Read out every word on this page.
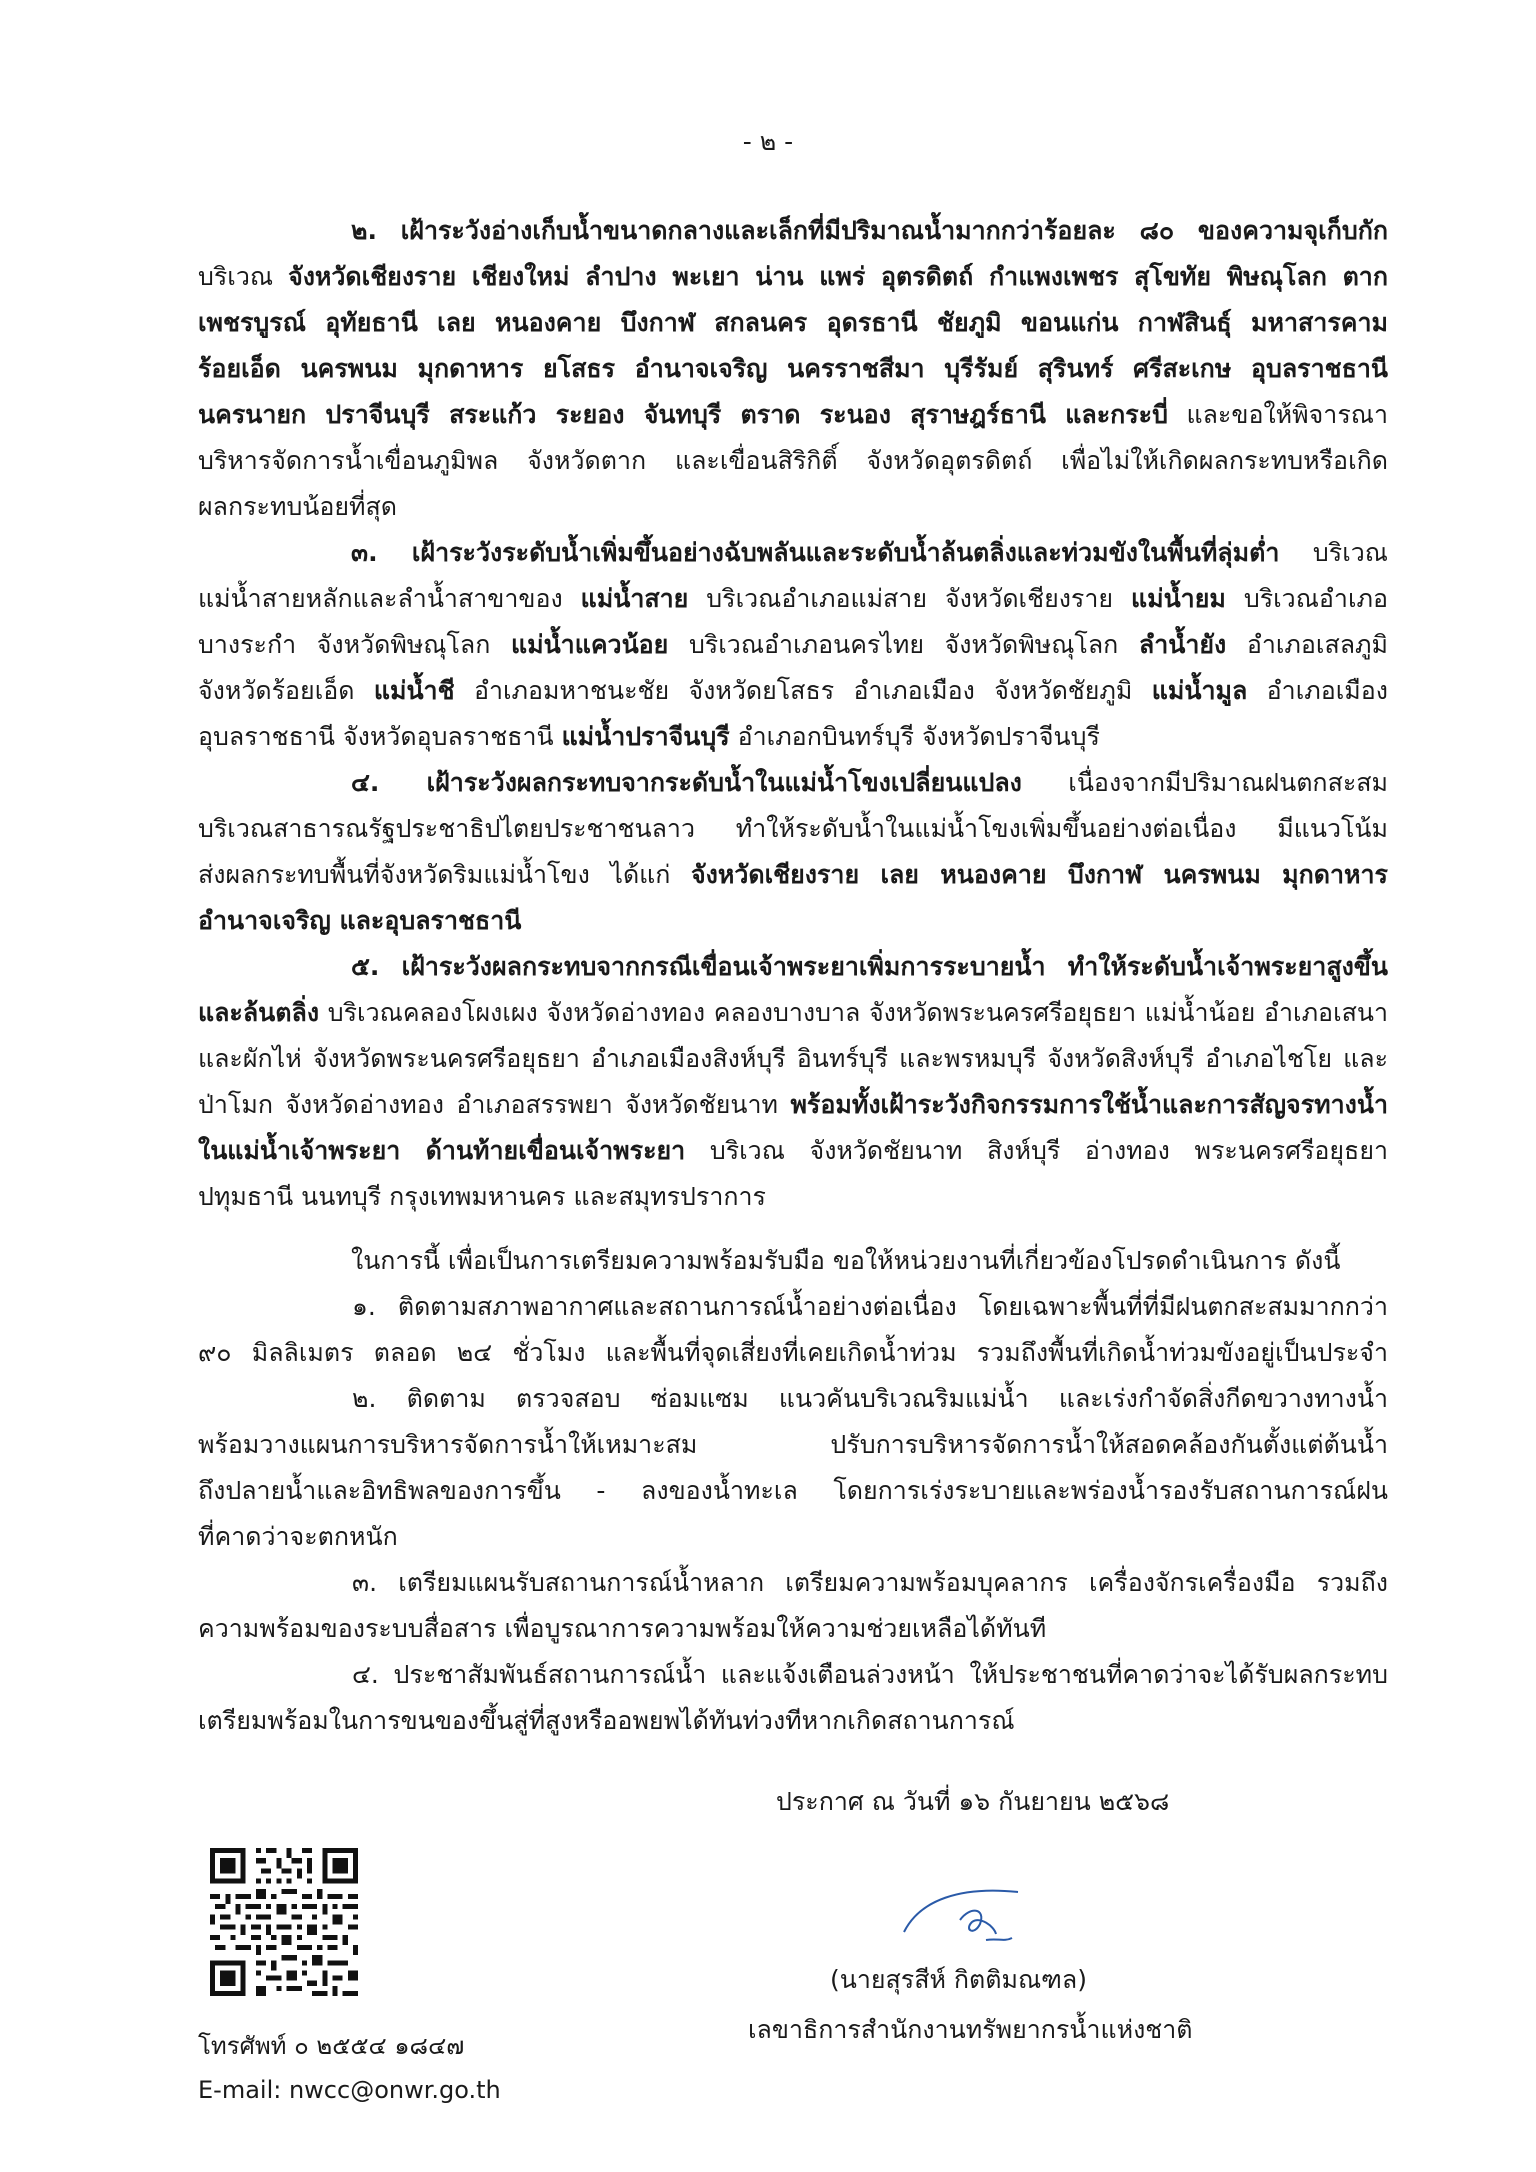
- ๒ -
๒. เฝ้าระวังอ่างเก็บน้ำขนาดกลางและเล็กที่มีปริมาณน้ำมากกว่าร้อยละ ๘๐ ของความจุเก็บกัก
บริเวณ จังหวัดเชียงราย เชียงใหม่ ลำปาง พะเยา น่าน แพร่ อุตรดิตถ์ กำแพงเพชร สุโขทัย พิษณุโลก ตาก
เพชรบูรณ์ อุทัยธานี เลย หนองคาย บึงกาฬ สกลนคร อุดรธานี ชัยภูมิ ขอนแก่น กาฬสินธุ์ มหาสารคาม
ร้อยเอ็ด นครพนม มุกดาหาร ยโสธร อำนาจเจริญ นครราชสีมา บุรีรัมย์ สุรินทร์ ศรีสะเกษ อุบลราชธานี
นครนายก ปราจีนบุรี สระแก้ว ระยอง จันทบุรี ตราด ระนอง สุราษฎร์ธานี และกระบี่ และขอให้พิจารณา
บริหารจัดการน้ำเขื่อนภูมิพล จังหวัดตาก และเขื่อนสิริกิติ์ จังหวัดอุตรดิตถ์ เพื่อไม่ให้เกิดผลกระทบหรือเกิด
ผลกระทบน้อยที่สุด
๓. เฝ้าระวังระดับน้ำเพิ่มขึ้นอย่างฉับพลันและระดับน้ำล้นตลิ่งและท่วมขังในพื้นที่ลุ่มต่ำ บริเวณ
แม่น้ำสายหลักและลำน้ำสาขาของ แม่น้ำสาย บริเวณอำเภอแม่สาย จังหวัดเชียงราย แม่น้ำยม บริเวณอำเภอ
บางระกำ จังหวัดพิษณุโลก แม่น้ำแควน้อย บริเวณอำเภอนครไทย จังหวัดพิษณุโลก ลำน้ำยัง อำเภอเสลภูมิ
จังหวัดร้อยเอ็ด แม่น้ำชี อำเภอมหาชนะชัย จังหวัดยโสธร อำเภอเมือง จังหวัดชัยภูมิ แม่น้ำมูล อำเภอเมือง
อุบลราชธานี จังหวัดอุบลราชธานี แม่น้ำปราจีนบุรี อำเภอกบินทร์บุรี จังหวัดปราจีนบุรี
๔. เฝ้าระวังผลกระทบจากระดับน้ำในแม่น้ำโขงเปลี่ยนแปลง เนื่องจากมีปริมาณฝนตกสะสม
บริเวณสาธารณรัฐประชาธิปไตยประชาชนลาว ทำให้ระดับน้ำในแม่น้ำโขงเพิ่มขึ้นอย่างต่อเนื่อง มีแนวโน้ม
ส่งผลกระทบพื้นที่จังหวัดริมแม่น้ำโขง ได้แก่ จังหวัดเชียงราย เลย หนองคาย บึงกาฬ นครพนม มุกดาหาร
อำนาจเจริญ และอุบลราชธานี
๕. เฝ้าระวังผลกระทบจากกรณีเขื่อนเจ้าพระยาเพิ่มการระบายน้ำ ทำให้ระดับน้ำเจ้าพระยาสูงขึ้น
และล้นตลิ่ง บริเวณคลองโผงเผง จังหวัดอ่างทอง คลองบางบาล จังหวัดพระนครศรีอยุธยา แม่น้ำน้อย อำเภอเสนา
และผักไห่ จังหวัดพระนครศรีอยุธยา อำเภอเมืองสิงห์บุรี อินทร์บุรี และพรหมบุรี จังหวัดสิงห์บุรี อำเภอไชโย และ
ป่าโมก จังหวัดอ่างทอง อำเภอสรรพยา จังหวัดชัยนาท พร้อมทั้งเฝ้าระวังกิจกรรมการใช้น้ำและการสัญจรทางน้ำ
ในแม่น้ำเจ้าพระยา ด้านท้ายเขื่อนเจ้าพระยา บริเวณ จังหวัดชัยนาท สิงห์บุรี อ่างทอง พระนครศรีอยุธยา
ปทุมธานี นนทบุรี กรุงเทพมหานคร และสมุทรปราการ
ในการนี้ เพื่อเป็นการเตรียมความพร้อมรับมือ ขอให้หน่วยงานที่เกี่ยวข้องโปรดดำเนินการ ดังนี้
๑. ติดตามสภาพอากาศและสถานการณ์น้ำอย่างต่อเนื่อง โดยเฉพาะพื้นที่ที่มีฝนตกสะสมมากกว่า
๙๐ มิลลิเมตร ตลอด ๒๔ ชั่วโมง และพื้นที่จุดเสี่ยงที่เคยเกิดน้ำท่วม รวมถึงพื้นที่เกิดน้ำท่วมขังอยู่เป็นประจำ
๒. ติดตาม ตรวจสอบ ซ่อมแซม แนวคันบริเวณริมแม่น้ำ และเร่งกำจัดสิ่งกีดขวางทางน้ำ
พร้อมวางแผนการบริหารจัดการน้ำให้เหมาะสม ปรับการบริหารจัดการน้ำให้สอดคล้องกันตั้งแต่ต้นน้ำ
ถึงปลายน้ำและอิทธิพลของการขึ้น - ลงของน้ำทะเล โดยการเร่งระบายและพร่องน้ำรองรับสถานการณ์ฝน
ที่คาดว่าจะตกหนัก
๓. เตรียมแผนรับสถานการณ์น้ำหลาก เตรียมความพร้อมบุคลากร เครื่องจักรเครื่องมือ รวมถึง
ความพร้อมของระบบสื่อสาร เพื่อบูรณาการความพร้อมให้ความช่วยเหลือได้ทันที
๔. ประชาสัมพันธ์สถานการณ์น้ำ และแจ้งเตือนล่วงหน้า ให้ประชาชนที่คาดว่าจะได้รับผลกระทบ
เตรียมพร้อมในการขนของขึ้นสู่ที่สูงหรืออพยพได้ทันท่วงทีหากเกิดสถานการณ์
ประกาศ ณ วันที่ ๑๖ กันยายน ๒๕๖๘
โทรศัพท์ ๐ ๒๕๕๔ ๑๘๔๗
E-mail: nwcc@onwr.go.th
(นายสุรสีห์ กิตติมณฑล)
เลขาธิการสำนักงานทรัพยากรน้ำแห่งชาติ
